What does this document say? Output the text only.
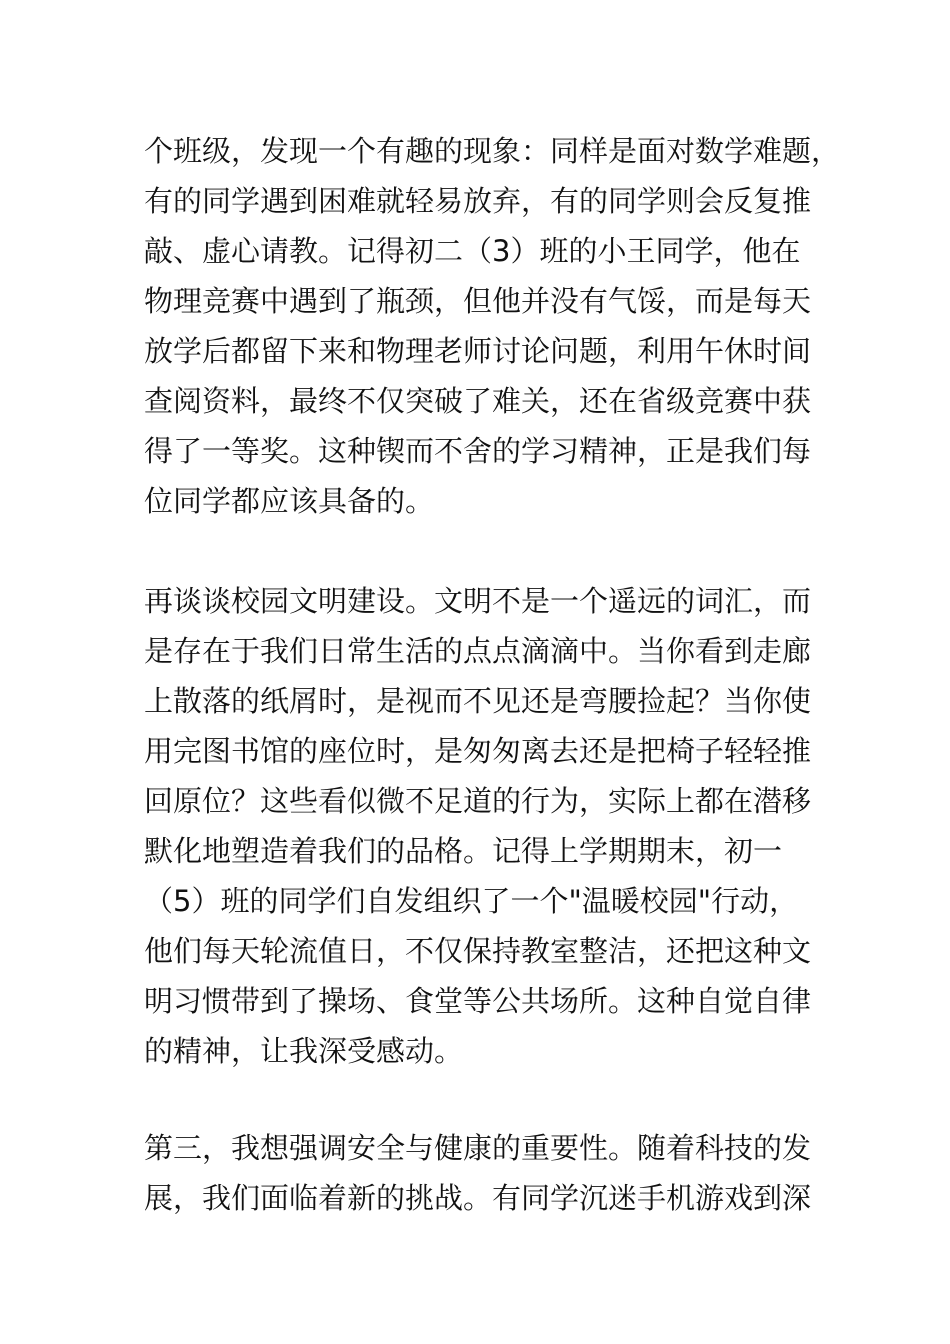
个班级，发现一个有趣的现象：同样是面对数学难题，
有的同学遇到困难就轻易放弃，有的同学则会反复推
敲、虚心请教。记得初二（3）班的小王同学，他在
物理竞赛中遇到了瓶颈，但他并没有气馁，而是每天
放学后都留下来和物理老师讨论问题，利用午休时间
查阅资料，最终不仅突破了难关，还在省级竞赛中获
得了一等奖。这种锲而不舍的学习精神，正是我们每
位同学都应该具备的。
再谈谈校园文明建设。文明不是一个遥远的词汇，而
是存在于我们日常生活的点点滴滴中。当你看到走廊
上散落的纸屑时，是视而不见还是弯腰捡起？当你使
用完图书馆的座位时，是匆匆离去还是把椅子轻轻推
回原位？这些看似微不足道的行为，实际上都在潜移
默化地塑造着我们的品格。记得上学期期末，初一
（5）班的同学们自发组织了一个"温暖校园"行动，
他们每天轮流值日，不仅保持教室整洁，还把这种文
明习惯带到了操场、食堂等公共场所。这种自觉自律
的精神，让我深受感动。
第三，我想强调安全与健康的重要性。随着科技的发
展，我们面临着新的挑战。有同学沉迷手机游戏到深
